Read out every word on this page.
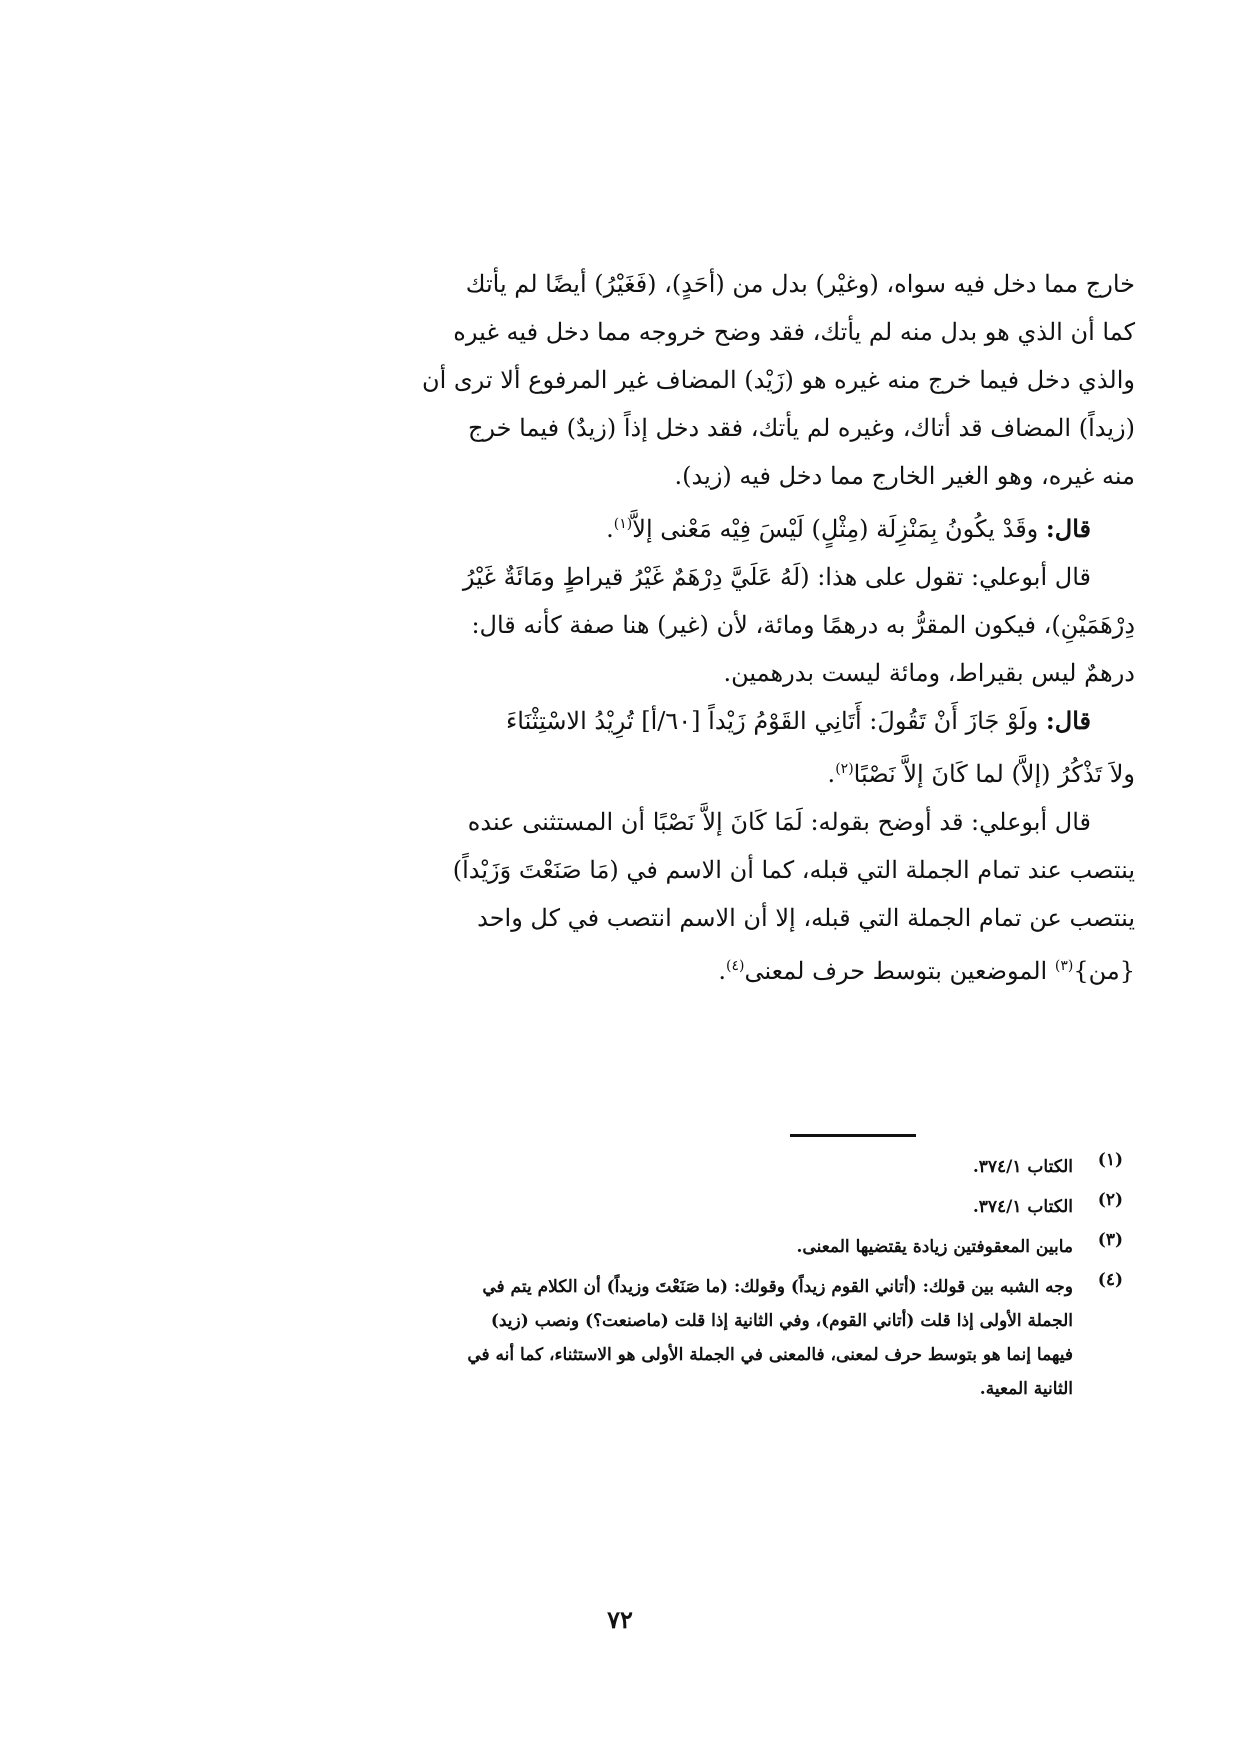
خارج مما دخل فيه سواه، (وغيْر) بدل من (أحَدٍ)، (فَغَيْرُ) أيضًا لم يأتك
كما أن الذي هو بدل منه لم يأتك، فقد وضح خروجه مما دخل فيه غيره
والذي دخل فيما خرج منه غيره هو (زَيْد) المضاف غير المرفوع ألا ترى أن
(زيداً) المضاف قد أتاك، وغيره لم يأتك، فقد دخل إذاً (زيدٌ) فيما خرج
منه غيره، وهو الغير الخارج مما دخل فيه (زيد).
قال: وقَدْ يكُونُ بِمَنْزِلَة (مِثْلٍ) لَيْسَ فِيْه مَعْنى إلاَّ$^{(١)}$.
قال أبوعلي: تقول على هذا: (لَهُ عَلَيَّ دِرْهَمٌ غَيْرُ قيراطٍ ومَائَةٌ غَيْرُ
دِرْهَمَيْنِ)، فيكون المقرُّ به درهمًا ومائة، لأن (غير) هنا صفة كأنه قال:
درهمٌ ليس بقيراط، ومائة ليست بدرهمين.
قال: ولَوْ جَازَ أَنْ تَقُولَ: أَتَانِي القَوْمُ زَيْداً [٦٠/أ] تُرِيْدُ الاسْتِثْنَاءَ
ولاَ تَذْكُرُ (إلاَّ) لما كَانَ إلاَّ نَصْبًا$^{(٢)}$.
قال أبوعلي: قد أوضح بقوله: لَمَا كَانَ إلاَّ نَصْبًا أن المستثنى عنده
ينتصب عند تمام الجملة التي قبله، كما أن الاسم في (مَا صَنَعْتَ وَزَيْداً)
ينتصب عن تمام الجملة التي قبله، إلا أن الاسم انتصب في كل واحد
{من}$^{(٣)}$ الموضعين بتوسط حرف لمعنى$^{(٤)}$.
(١)
الكتاب ٣٧٤/١.
(٢)
الكتاب ٣٧٤/١.
(٣)
مابين المعقوفتين زيادة يقتضيها المعنى.
(٤)
وجه الشبه بين قولك: (أتاني القوم زيداً) وقولك: (ما صَنَعْتَ وزيداً) أن الكلام يتم في
الجملة الأولى إذا قلت (أتاني القوم)، وفي الثانية إذا قلت (ماصنعت؟) ونصب (زيد)
فيهما إنما هو بتوسط حرف لمعنى، فالمعنى في الجملة الأولى هو الاستثناء، كما أنه في
الثانية المعية.
٧٢
